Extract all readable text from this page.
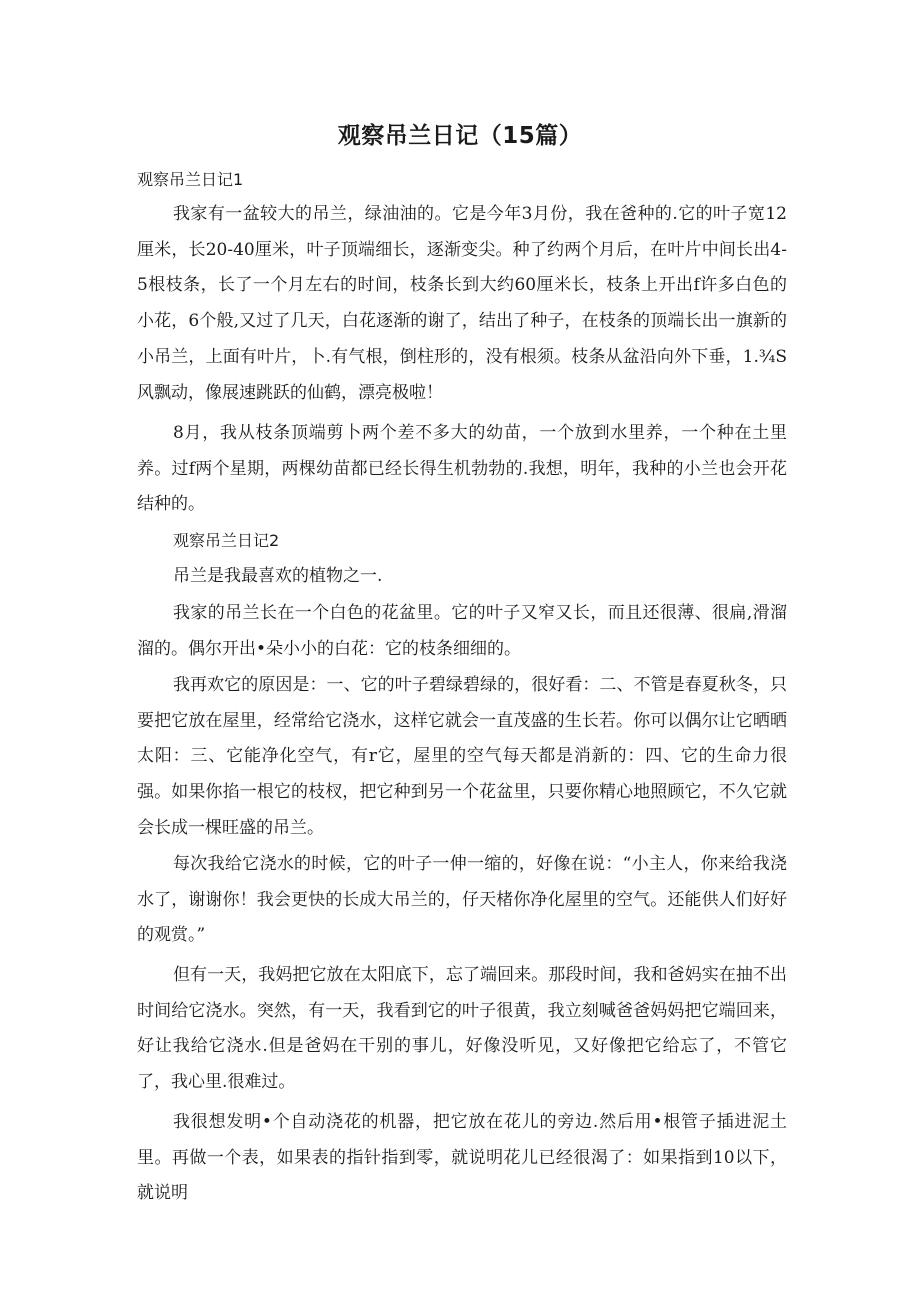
观察吊兰日记（15篇）
观察吊兰日记1

我家有一盆较大的吊兰，绿油油的。它是今年3月份，我在爸种的.它的叶子宽12厘米，长20-40厘米，叶子顶端细长，逐渐变尖。种了约两个月后，在叶片中间长出4-5根枝条，长了一个月左右的时间，枝条长到大约60厘米长，枝条上开出f许多白色的小花，6个般,又过了几天，白花逐渐的谢了，结出了种子，在枝条的顶端长出一旗新的小吊兰，上面有叶片，卜.有气根，倒柱形的，没有根须。枝条从盆沿向外下垂，1.¾S风飘动，像展速跳跃的仙鹤，漂亮极啦！

8月，我从枝条顶端剪卜两个差不多大的幼苗，一个放到水里养，一个种在土里养。过f两个星期，两棵幼苗都已经长得生机勃勃的.我想，明年，我种的小兰也会开花结种的。

观察吊兰日记2

吊兰是我最喜欢的植物之一.

我家的吊兰长在一个白色的花盆里。它的叶子又窄又长，而且还很薄、很扁,滑溜溜的。偶尔开出•朵小小的白花：它的枝条细细的。

我再欢它的原因是：一、它的叶子碧绿碧绿的，很好看：二、不管是春夏秋冬，只要把它放在屋里，经常给它浇水，这样它就会一直茂盛的生长若。你可以偶尔让它晒晒太阳：三、它能净化空气，有r它，屋里的空气每天都是消新的：四、它的生命力很强。如果你掐一根它的枝杈，把它种到另一个花盆里，只要你精心地照顾它，不久它就会长成一棵旺盛的吊兰。

每次我给它浇水的时候，它的叶子一伸一缩的，好像在说：“小主人，你来给我浇水了，谢谢你！我会更快的长成大吊兰的，仔天楮你净化屋里的空气。还能供人们好好的观赏。”

但有一天，我妈把它放在太阳底下，忘了端回来。那段时间，我和爸妈实在抽不出时间给它浇水。突然，有一天，我看到它的叶子很黄，我立刻喊爸爸妈妈把它端回来，好让我给它浇水.但是爸妈在干别的事儿，好像没听见，又好像把它给忘了，不管它了，我心里.很难过。

我很想发明•个自动浇花的机器，把它放在花儿的旁边.然后用•根管子插进泥土里。再做一个表，如果表的指针指到零，就说明花儿已经很渴了：如果指到10以下，就说明
